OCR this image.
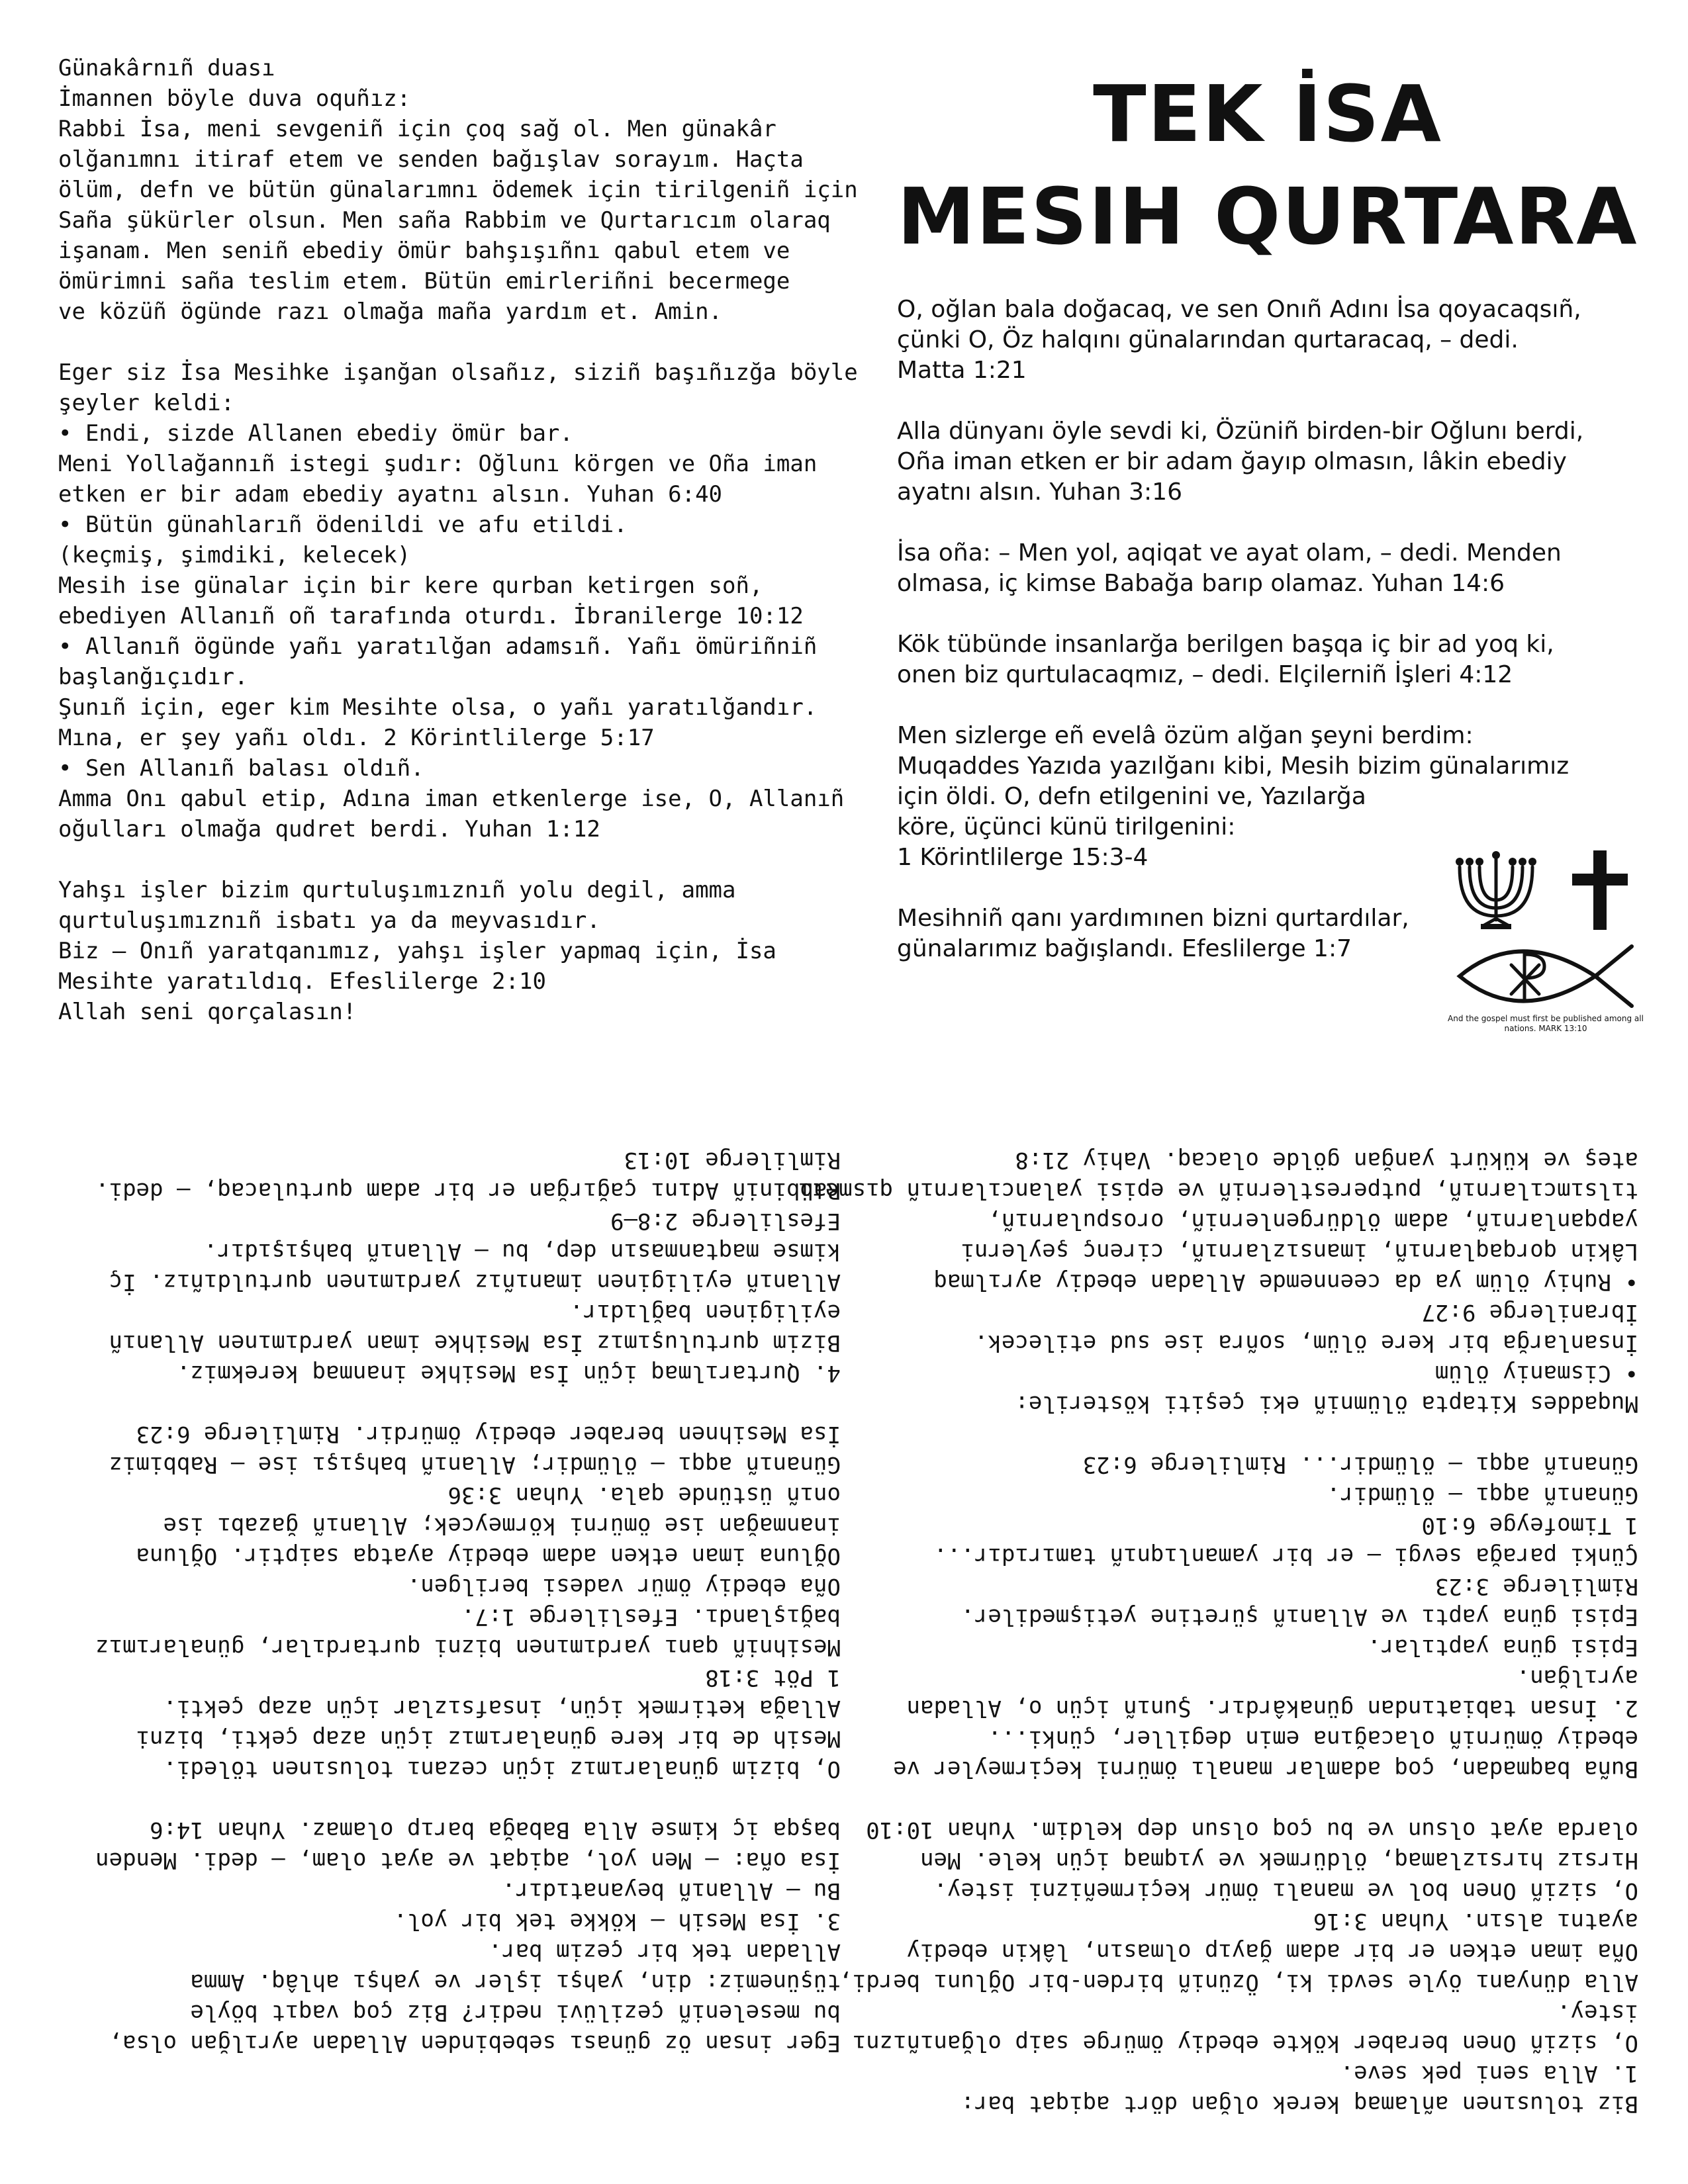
Günakârnıñ duası
İmannen böyle duva oquñız:
Rabbi İsa, meni sevgeniñ için çoq sağ ol. Men günakâr
olğanımnı itiraf etem ve senden bağışlav sorayım. Haçta
ölüm, defn ve bütün günalarımnı ödemek için tirilgeniñ için
Saña şükürler olsun. Men saña Rabbim ve Qurtarıcım olaraq
işanam. Men seniñ ebediy ömür bahşışıñnı qabul etem ve
ömürimni saña teslim etem. Bütün emirleriñni becermege
ve közüñ ögünde razı olmağa maña yardım et. Amin.
Eger siz İsa Mesihke işanğan olsañız, siziñ başıñızğa böyle
şeyler keldi:
• Endi, sizde Allanen ebediy ömür bar.
Meni Yollağannıñ istegi şudır: Oğlunı körgen ve Oña iman
etken er bir adam ebediy ayatnı alsın. Yuhan 6:40
• Bütün günahlarıñ ödenildi ve afu etildi.
(keçmiş, şimdiki, kelecek)
Mesih ise günalar için bir kere qurban ketirgen soñ,
ebediyen Allanıñ oñ tarafında oturdı. İbranilerge 10:12
• Allanıñ ögünde yañı yaratılğan adamsıñ. Yañı ömüriñniñ
başlanğıçıdır.
Şunıñ için, eger kim Mesihte olsa, o yañı yaratılğandır.
Mına, er şey yañı oldı. 2 Körintlilerge 5:17
• Sen Allanıñ balası oldıñ.
Amma Onı qabul etip, Adına iman etkenlerge ise, O, Allanıñ
oğulları olmağa qudret berdi. Yuhan 1:12
Yahşı işler bizim qurtuluşımıznıñ yolu degil, amma
qurtuluşımıznıñ isbatı ya da meyvasıdır.
Biz – Onıñ yaratqanımız, yahşı işler yapmaq için, İsa
Mesihte yaratıldıq. Efeslilerge 2:10
Allah seni qorçalasın!
TEK İSA
MESIH QURTARA
O, oğlan bala doğacaq, ve sen Onıñ Adını İsa qoyacaqsıñ,
çünki O, Öz halqını günalarından qurtaracaq, – dedi.
Matta 1:21
Alla dünyanı öyle sevdi ki, Özüniñ birden-bir Oğlunı berdi,
Oña iman etken er bir adam ğayıp olmasın, lâkin ebediy
ayatnı alsın. Yuhan 3:16
İsa oña: – Men yol, aqiqat ve ayat olam, – dedi. Menden
olmasa, iç kimse Babağa barıp olamaz. Yuhan 14:6
Kök tübünde insanlarğa berilgen başqa iç bir ad yoq ki,
onen biz qurtulacaqmız, – dedi. Elçilerniñ İşleri 4:12
Men sizlerge eñ evelâ özüm alğan şeyni berdim:
Muqaddes Yazıda yazılğanı kibi, Mesih bizim günalarımız
için öldi. O, defn etilgenini ve, Yazılarğa
köre, üçünci künü tirilgenini:
1 Körintlilerge 15:3-4
Mesihniñ qanı yardımınen bizni qurtardılar,
günalarımız bağışlandı. Efeslilerge 1:7
And the gospel must first be published among all nations. MARK 13:10
Eger insan öz günası sebebinden Alladan ayrılğan olsa,
bu meseleniñ çezilüvi nedir? Biz çoq vaqıt böyle
tüşünemiz: din, yahşı işler ve yahşı ahlâq. Amma
Alladan tek bir çezim bar.
3. İsa Mesih – kökke tek bir yol.
Bu – Allanıñ beyanatıdır.
İsa oña: – Men yol, aqiqat ve ayat olam, – dedi. Menden
başqa iç kimse Alla Babağa barıp olamaz. Yuhan 14:6
O, bizim günalarımız içün cezanı tolusınen töledi.
Mesih de bir kere günalarımız içün azap çekti, bizni
Allağa ketirmek içün, insafsızlar içün azap çekti.
1 Pöt 3:18
Mesihniñ qanı yardımınen bizni qurtardılar, günalarımız
bağışlandı. Efeslilerge 1:7.
Oña ebediy ömür vadesi berilgen.
Oğluna iman etken adam ebediy ayatqa saiptir. Oğluna
inanmağan ise ömürni körmeycek; Allanıñ ğazabı ise
onıñ üstünde qala. Yuhan 3:36
Günanıñ aqqı – ölümdir; Allanıñ bahşışı ise – Rabbimiz
İsa Mesihnen beraber ebediy ömürdir. Rimlilerge 6:23
4. Qurtarılmaq içün İsa Mesihke inanmaq kerekmiz.
Bizim qurtuluşımız İsa Mesihke iman yardımınen Allanıñ
eyiliginen bağlıdır.
Allanıñ eyiliginen imanıñız yardımınen qurtuldıñız. İç
kimse maqtanmasın dep, bu – Allanıñ bahşışıdır.
Efeslilerge 2:8—9
Rabbiniñ Adını çağırğan er bir adam qurtulacaq, – dedi.
Rimlilerge 10:13
Biz tolusınen añlamaq kerek olğan dört aqiqat bar:
1. Alla seni pek seve.
O, siziñ Onen beraber kökte ebediy ömürge saip olğanıñıznı
istey.
Alla dünyanı öyle sevdi ki, Özüniñ birden-bir Oğlunı berdi,
Oña iman etken er bir adam ğayıp olmasın, lâkin ebediy
ayatnı alsın. Yuhan 3:16
O, siziñ Onen bol ve manalı ömür keçirmeñizni istey.
Hırsız hırsızlamaq, öldürmek ve yıqmaq içün kele. Men
olarda ayat olsun ve bu çoq olsun dep keldim. Yuhan 10:10
Buña baqmadan, çoq adamlar manalı ömürni keçirmeyler ve
ebediy ömürniñ olacağına emin degiller, çünki...
2. İnsan tabiatından günakârdır. Şunıñ içün o, Alladan
ayrılğan.
Episi güna yaptılar.
Episi güna yaptı ve Allanıñ şüretine yetişmediler.
Rimlilerge 3:23
Çünki parağa sevgi – er bir yamanlıqnıñ tamırıdır...
1 Timofeyge 6:10
Günanıñ aqqı – ölümdir.
Günanıñ aqqı – ölümdir... Rimlilerge 6:23
Muqaddes Kitapta ölümniñ eki çeşiti kösterile:
• Cismaniy ölüm
İnsanlarğa bir kere ölüm, soñra ise sud etilecek.
İbranilerge 9:27
• Ruhiy ölüm ya da ceennemde Alladan ebediy ayrılmaq
Lâkin qorqaqlarnıñ, imansızlarnıñ, cirenç şeylerni
yapqanlarnıñ, adam öldürgenlerniñ, orospularnıñ,
tılsımcılarnıñ, putperestlerniñ ve episi yalancılarnıñ qısmeti
ateş ve kükürt yanğan gölde olacaq. Vahiy 21:8
